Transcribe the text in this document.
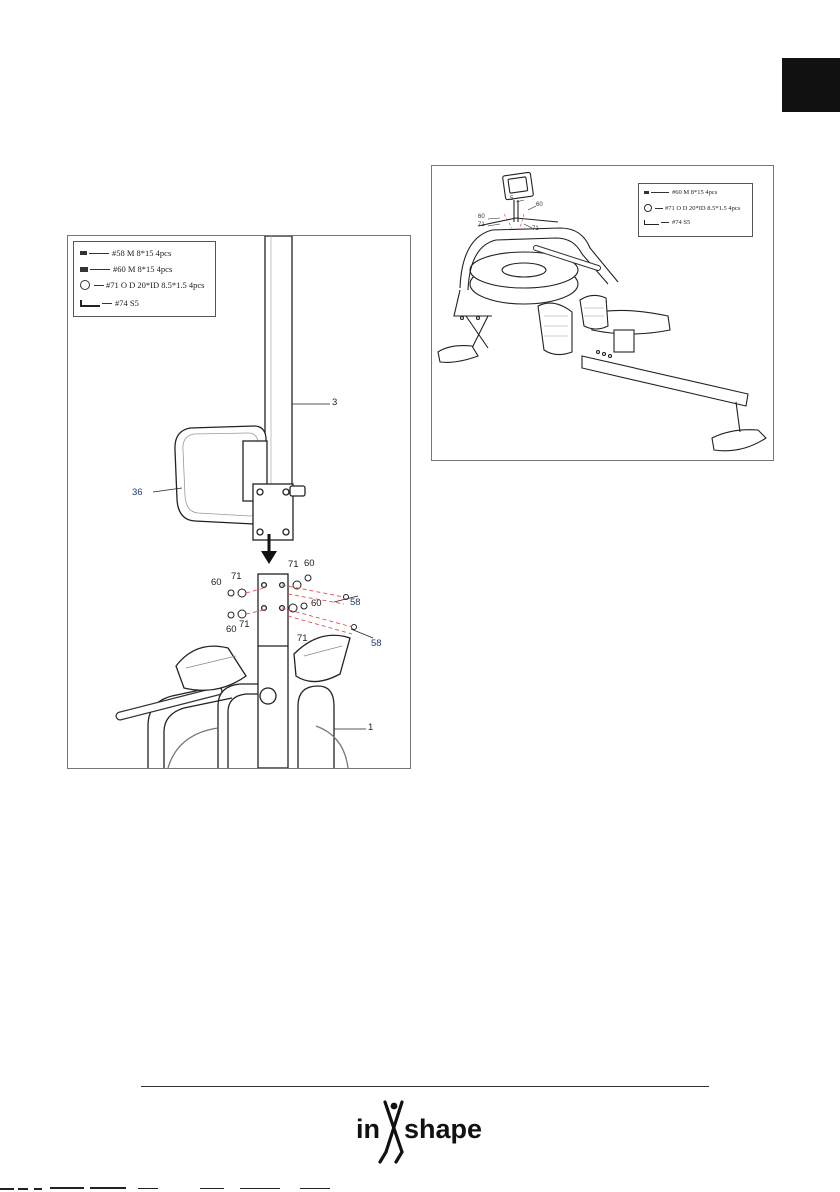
#58 M 8*15 4pcs
#60 M 8*15 4pcs
#71 O D 20*ID 8.5*1.5 4pcs
#74 S5
3
36
1
71 60
60
71
60	58
71
60 71
58
#60 M 8*15 4pcs
#71 O D 20*ID 8.5*1.5 4pcs
#74 S5
5
60
60
71
71
in shape
